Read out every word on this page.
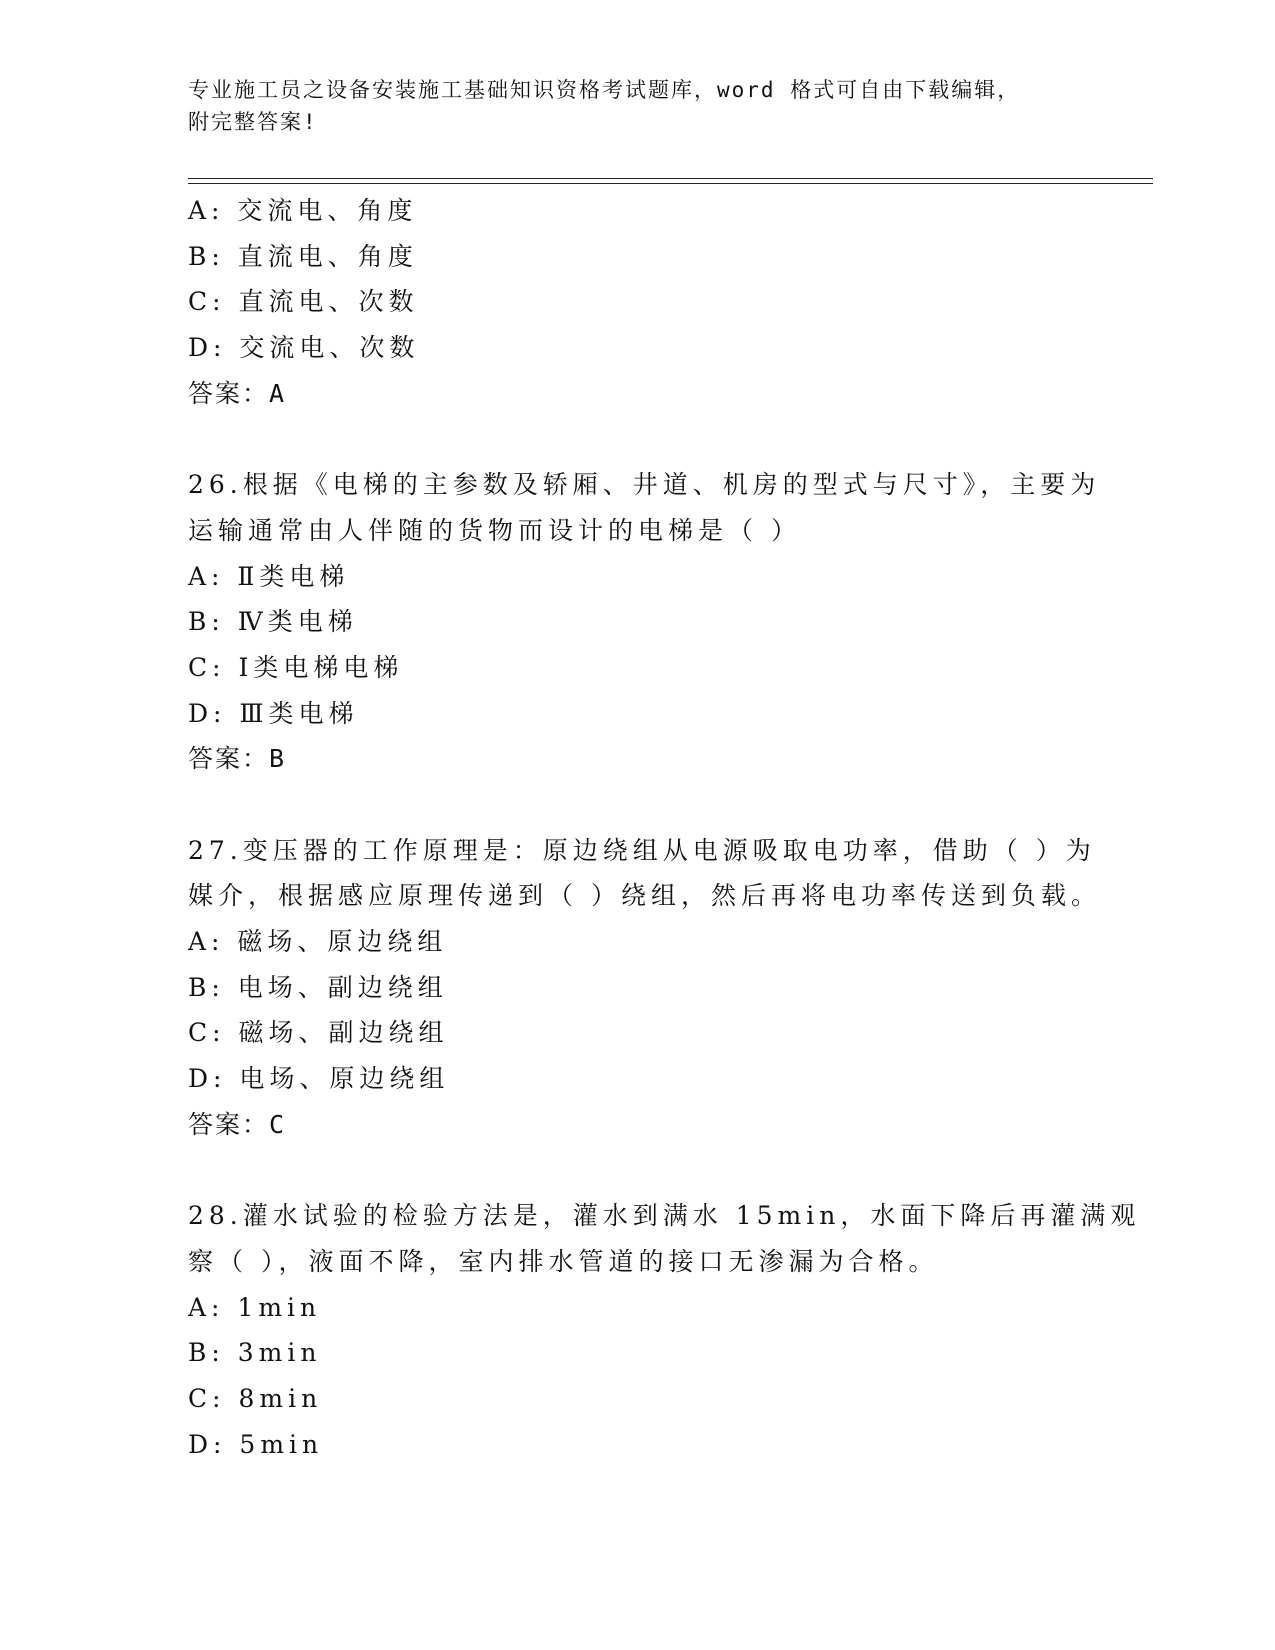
专业施工员之设备安装施工基础知识资格考试题库，word 格式可自由下载编辑，
附完整答案!
A: 交流电、角度
B: 直流电、角度
C: 直流电、次数
D: 交流电、次数
答案：A
26.根据《电梯的主参数及轿厢、井道、机房的型式与尺寸》，主要为
运输通常由人伴随的货物而设计的电梯是（ ）
A: Ⅱ类电梯
B: Ⅳ类电梯
C: Ⅰ类电梯电梯
D: Ⅲ类电梯
答案：B
27.变压器的工作原理是：原边绕组从电源吸取电功率，借助（ ）为
媒介，根据感应原理传递到（ ）绕组，然后再将电功率传送到负载。
A: 磁场、原边绕组
B: 电场、副边绕组
C: 磁场、副边绕组
D: 电场、原边绕组
答案：C
28.灌水试验的检验方法是，灌水到满水 15min，水面下降后再灌满观
察（ ），液面不降，室内排水管道的接口无渗漏为合格。
A: 1min
B: 3min
C: 8min
D: 5min
